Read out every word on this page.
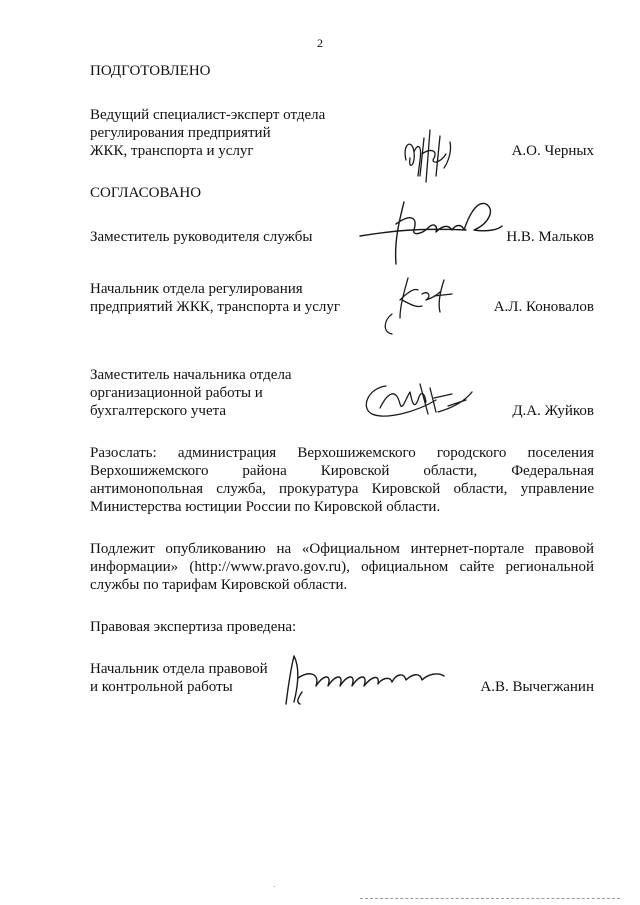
2
ПОДГОТОВЛЕНО
Ведущий специалист-эксперт отдела
регулирования предприятий
ЖКК, транспорта и услуг	А.О. Черных
СОГЛАСОВАНО
Заместитель руководителя службы	Н.В. Мальков
Начальник отдела регулирования
предприятий ЖКК, транспорта и услуг	А.Л. Коновалов
Заместитель начальника отдела
организационной работы и
бухгалтерского учета	Д.А. Жуйков
Разослать: администрация Верхошижемского городского поселения
Верхошижемского района Кировской области, Федеральная
антимонопольная служба, прокуратура Кировской области, управление
Министерства юстиции России по Кировской области.
Подлежит опубликованию на «Официальном интернет-портале правовой
информации» (http://www.pravo.gov.ru), официальном сайте региональной
службы по тарифам Кировской области.
Правовая экспертиза проведена:
Начальник отдела правовой
и контрольной работы	А.В. Вычегжанин
